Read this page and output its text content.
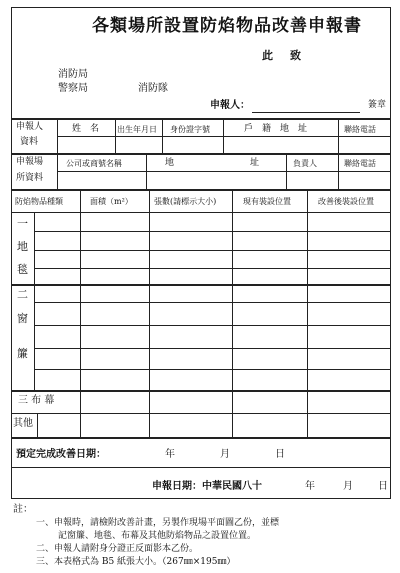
各類場所設置防焰物品改善申報書
此　致
消防局
警察局	消防隊
申報人：	簽章
申報人
資料
姓　名 出生年月日 身份證字號	戶　籍　地　址	聯絡電話
申報場
所資料
公司或商號名稱	地	址	負責人	聯絡電話
防焰物品種類	面積（m²）	張數(請標示大小)	現有裝設位置	改善後裝設位置
一
地
毯
二
窗
簾
三 布 幕
其他
預定完成改善日期：	年	月	日
申報日期：中華民國八十	年	月	日
註：
一、申報時，請檢附改善計畫，另製作現場平面圖乙份，並標
記窗簾、地毯、布幕及其他防焰物品之設置位置。
二、申報人請附身分證正反面影本乙份。
三、本表格式為 B5 紙張大小。（267㎜×195㎜）
